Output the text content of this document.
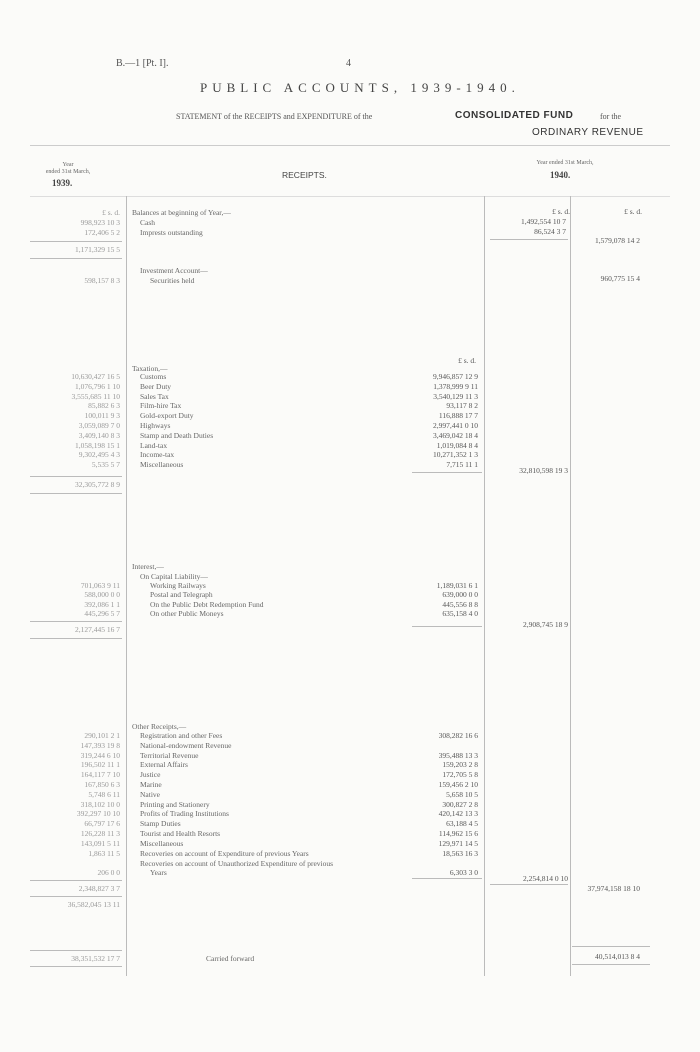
B.—1 [Pt. I].	4
PUBLIC ACCOUNTS, 1939-1940.
STATEMENT of the RECEIPTS and EXPENDITURE of the	CONSOLIDATED FUND	for the
ORDINARY REVENUE
Year
ended 31st March,
1939.
RECEIPTS.
Year ended 31st March,
1940.
£ s. d.	£ s. d.	£ s. d.
Balances at beginning of Year,—
998,923 10 3	Cash	1,492,554 10 7
172,406 5 2	Imprests outstanding	86,524 3 7
1,171,329 15 5
1,579,078 14 2
Investment Account—
598,157 8 3	Securities held	960,775 15 4
£ s. d.
Taxation,—
10,630,427 16 5	Customs	9,946,857 12 9
1,076,796 1 10	Beer Duty	1,378,999 9 11
3,555,685 11 10	Sales Tax	3,540,129 11 3
85,882 6 3	Film-hire Tax	93,117 8 2
100,011 9 3	Gold-export Duty	116,888 17 7
3,059,089 7 0	Highways	2,997,441 0 10
3,409,140 8 3	Stamp and Death Duties	3,469,042 18 4
1,058,198 15 1	Land-tax	1,019,084 8 4
9,302,495 4 3	Income-tax	10,271,352 1 3
5,535 5 7	Miscellaneous	7,715 11 1
32,305,772 8 9
32,810,598 19 3
Interest,—
On Capital Liability—
701,063 9 11	Working Railways	1,189,031 6 1
588,000 0 0	Postal and Telegraph	639,000 0 0
392,086 1 1	On the Public Debt Redemption Fund	445,556 8 8
445,296 5 7	On other Public Moneys	635,158 4 0
2,127,445 16 7
2,908,745 18 9
Other Receipts,—
290,101 2 1	Registration and other Fees	308,282 16 6
147,393 19 8	National-endowment Revenue
319,244 6 10	Territorial Revenue	395,488 13 3
196,502 11 1	External Affairs	159,203 2 8
164,117 7 10	Justice	172,705 5 8
167,850 6 3	Marine	159,456 2 10
5,748 6 11	Native	5,658 10 5
318,102 10 0	Printing and Stationery	300,827 2 8
392,297 10 10	Profits of Trading Institutions	420,142 13 3
66,797 17 6	Stamp Duties	63,188 4 5
126,228 11 3	Tourist and Health Resorts	114,962 15 6
143,091 5 11	Miscellaneous	129,971 14 5
1,863 11 5	Recoveries on account of Expenditure of previous Years	18,563 16 3
Recoveries on account of Unauthorized Expenditure of previous
Years
206 0 0	6,303 3 0
2,348,827 3 7
2,254,814 0 10
37,974,158 18 10
36,582,045 13 11
38,351,532 17 7	Carried forward	40,514,013 8 4
